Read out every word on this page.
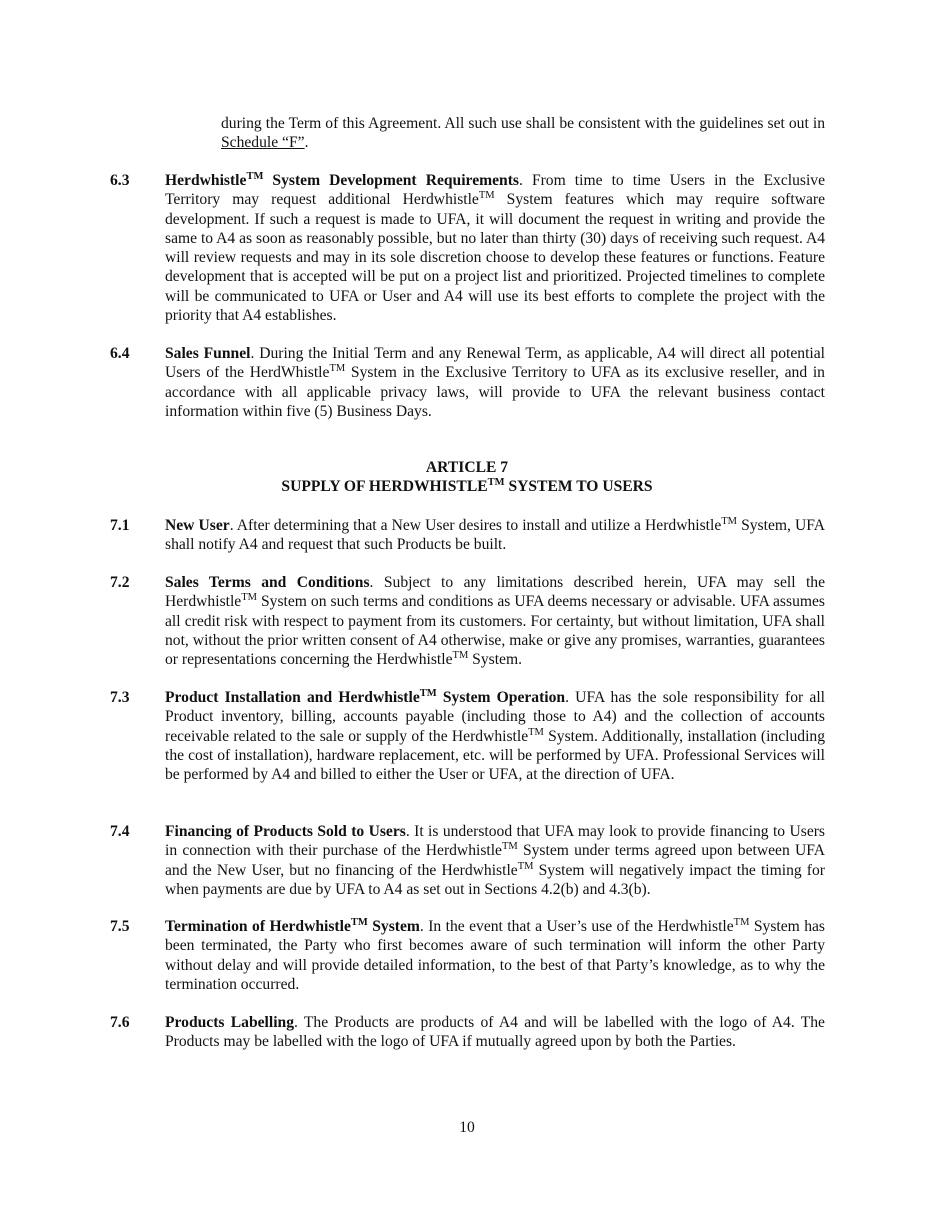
during the Term of this Agreement. All such use shall be consistent with the guidelines set out in Schedule “F”.
6.3 Herdwhistle™ System Development Requirements. From time to time Users in the Exclusive Territory may request additional Herdwhistle™ System features which may require software development. If such a request is made to UFA, it will document the request in writing and provide the same to A4 as soon as reasonably possible, but no later than thirty (30) days of receiving such request. A4 will review requests and may in its sole discretion choose to develop these features or functions. Feature development that is accepted will be put on a project list and prioritized. Projected timelines to complete will be communicated to UFA or User and A4 will use its best efforts to complete the project with the priority that A4 establishes.
6.4 Sales Funnel. During the Initial Term and any Renewal Term, as applicable, A4 will direct all potential Users of the HerdWhistle™ System in the Exclusive Territory to UFA as its exclusive reseller, and in accordance with all applicable privacy laws, will provide to UFA the relevant business contact information within five (5) Business Days.
ARTICLE 7
SUPPLY OF HERDWHISTLE™ SYSTEM TO USERS
7.1 New User. After determining that a New User desires to install and utilize a Herdwhistle™ System, UFA shall notify A4 and request that such Products be built.
7.2 Sales Terms and Conditions. Subject to any limitations described herein, UFA may sell the Herdwhistle™ System on such terms and conditions as UFA deems necessary or advisable. UFA assumes all credit risk with respect to payment from its customers. For certainty, but without limitation, UFA shall not, without the prior written consent of A4 otherwise, make or give any promises, warranties, guarantees or representations concerning the Herdwhistle™ System.
7.3 Product Installation and Herdwhistle™ System Operation. UFA has the sole responsibility for all Product inventory, billing, accounts payable (including those to A4) and the collection of accounts receivable related to the sale or supply of the Herdwhistle™ System. Additionally, installation (including the cost of installation), hardware replacement, etc. will be performed by UFA. Professional Services will be performed by A4 and billed to either the User or UFA, at the direction of UFA.
7.4 Financing of Products Sold to Users. It is understood that UFA may look to provide financing to Users in connection with their purchase of the Herdwhistle™ System under terms agreed upon between UFA and the New User, but no financing of the Herdwhistle™ System will negatively impact the timing for when payments are due by UFA to A4 as set out in Sections 4.2(b) and 4.3(b).
7.5 Termination of Herdwhistle™ System. In the event that a User’s use of the Herdwhistle™ System has been terminated, the Party who first becomes aware of such termination will inform the other Party without delay and will provide detailed information, to the best of that Party’s knowledge, as to why the termination occurred.
7.6 Products Labelling. The Products are products of A4 and will be labelled with the logo of A4. The Products may be labelled with the logo of UFA if mutually agreed upon by both the Parties.
10
